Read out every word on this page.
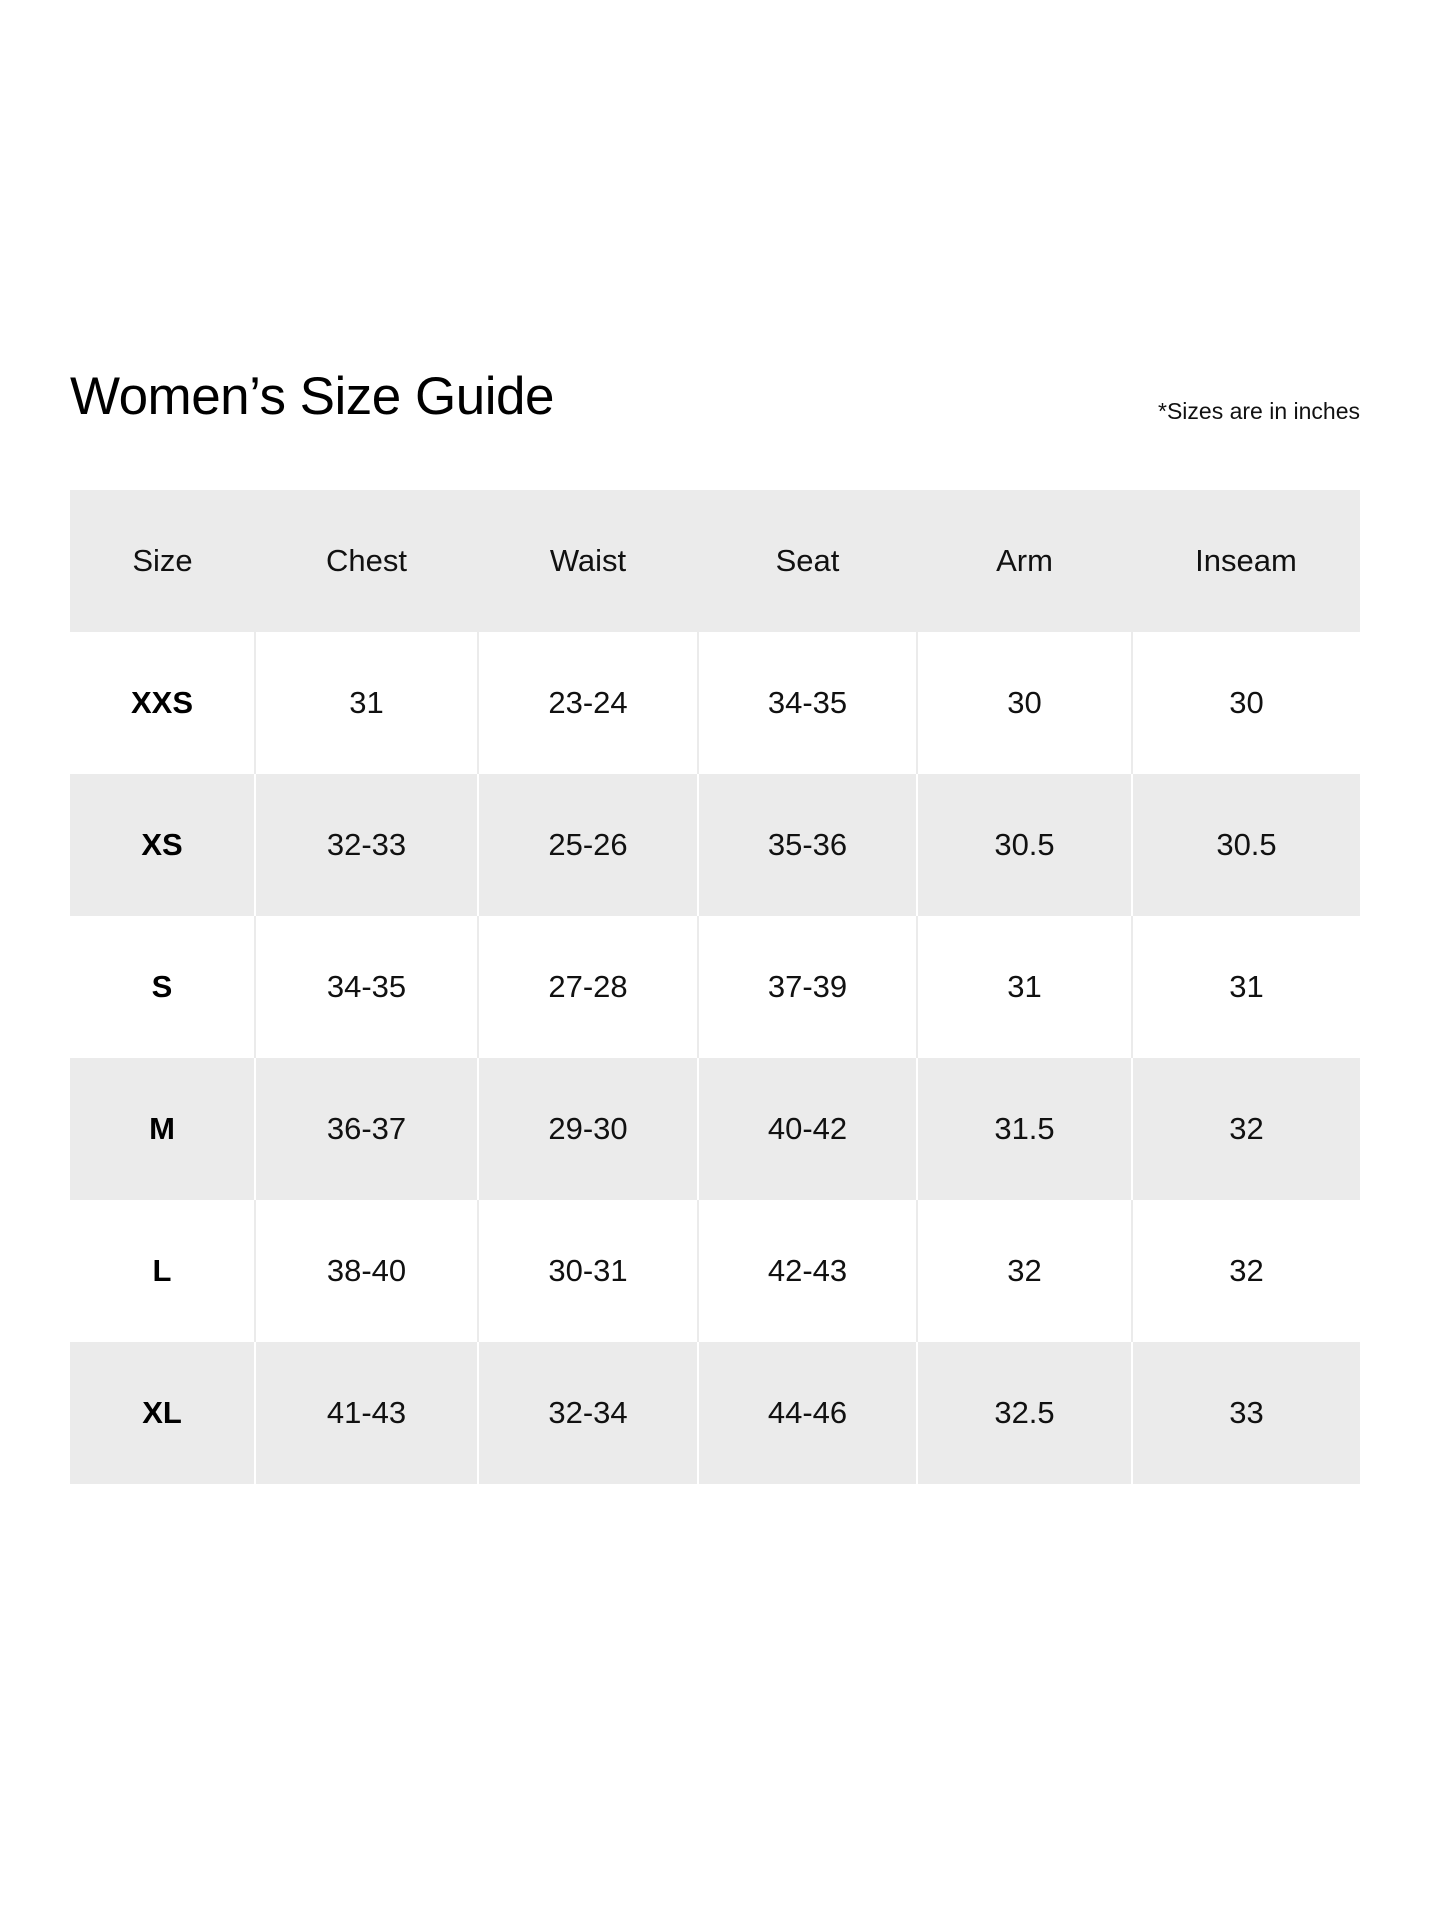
Women’s Size Guide	*Sizes are in inches
Size	Chest	Waist	Seat	Arm	Inseam
XXS	31	23-24	34-35	30	30
XS	32-33	25-26	35-36	30.5	30.5
S	34-35	27-28	37-39	31	31
M	36-37	29-30	40-42	31.5	32
L	38-40	30-31	42-43	32	32
XL	41-43	32-34	44-46	32.5	33
